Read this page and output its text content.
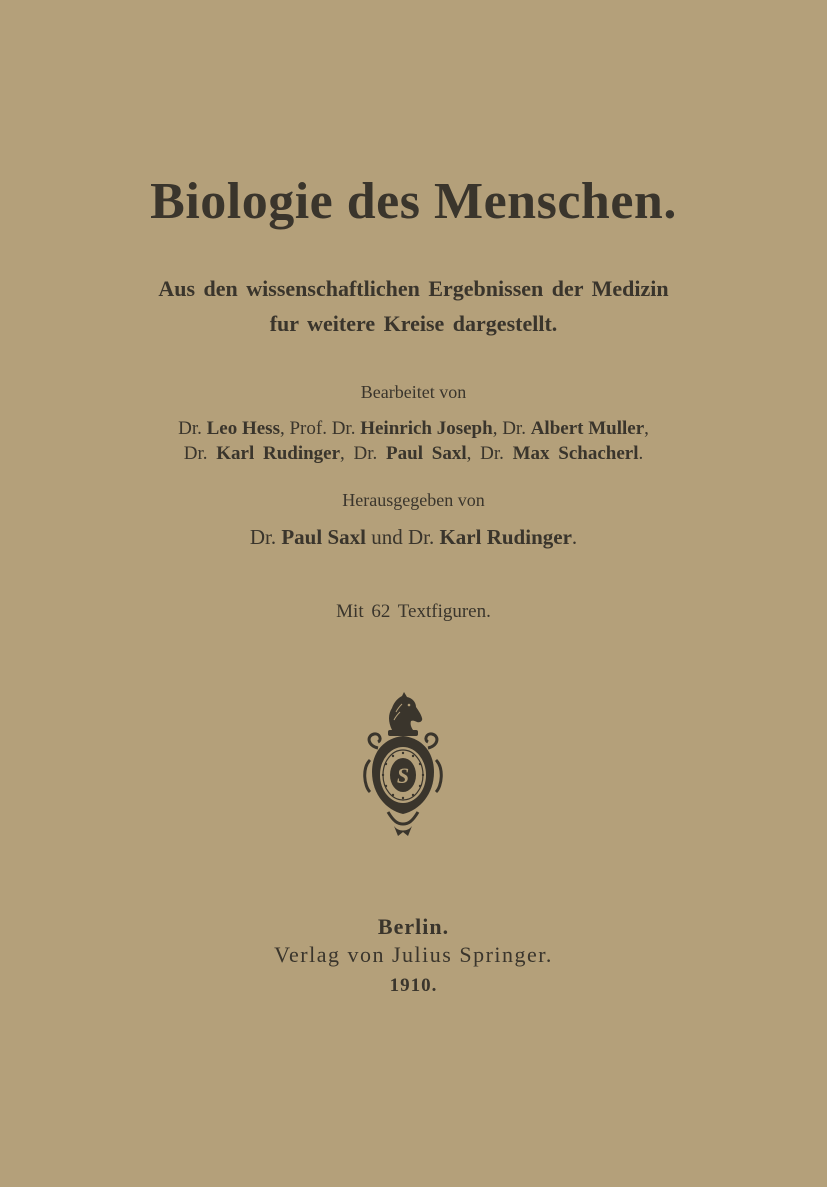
Biologie des Menschen.
Aus den wissenschaftlichen Ergebnissen der Medizin
fur weitere Kreise dargestellt.
Bearbeitet von
Dr. Leo Hess, Prof. Dr. Heinrich Joseph, Dr. Albert Muller,
Dr. Karl Rudinger, Dr. Paul Saxl, Dr. Max Schacherl.
Herausgegeben von
Dr. Paul Saxl und Dr. Karl Rudinger.
Mit 62 Textfiguren.
S
Berlin.
Verlag von Julius Springer.
1910.
